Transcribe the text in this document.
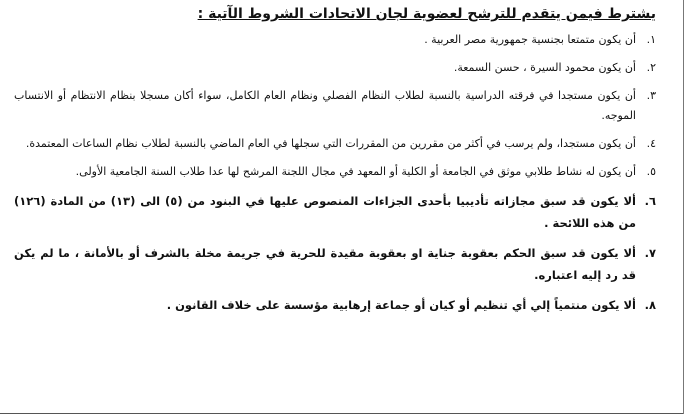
يشترط فيمن يتقدم للترشح لعضوية لجان الاتحادات الشروط الآتية :
١.
أن يكون متمتعا بجنسية جمهورية مصر العربية .
٢.
أن يكون محمود السيرة ، حسن السمعة.
٣.
أن يكون مستجدا في فرقته الدراسية بالنسبة لطلاب النظام الفصلي ونظام العام الكامل، سواء أكان مسجلا بنظام الانتظام أو الانتساب الموجه.
٤.
أن يكون مستجدا، ولم يرسب في أكثر من مقررين من المقررات التي سجلها في العام الماضي بالنسبة لطلاب نظام الساعات المعتمدة.
٥.
أن يكون له نشاط طلابي موثق في الجامعة أو الكلية أو المعهد في مجال اللجنة المرشح لها عدا طلاب السنة الجامعية الأولى.
٦.
ألا يكون قد سبق مجازاته تأديبيا بأحدى الجزاءات المنصوص عليها في البنود من (٥) الى (١٣) من المادة (١٢٦) من هذه اللائحة .
٧.
ألا يكون قد سبق الحكم بعقوبة جناية او بعقوبة مقيدة للحرية في جريمة مخلة بالشرف أو بالأمانة ، ما لم يكن قد رد إليه اعتباره.
٨.
ألا يكون منتمياً إلي أي تنظيم أو كيان أو جماعة إرهابية مؤسسة على خلاف القانون .
